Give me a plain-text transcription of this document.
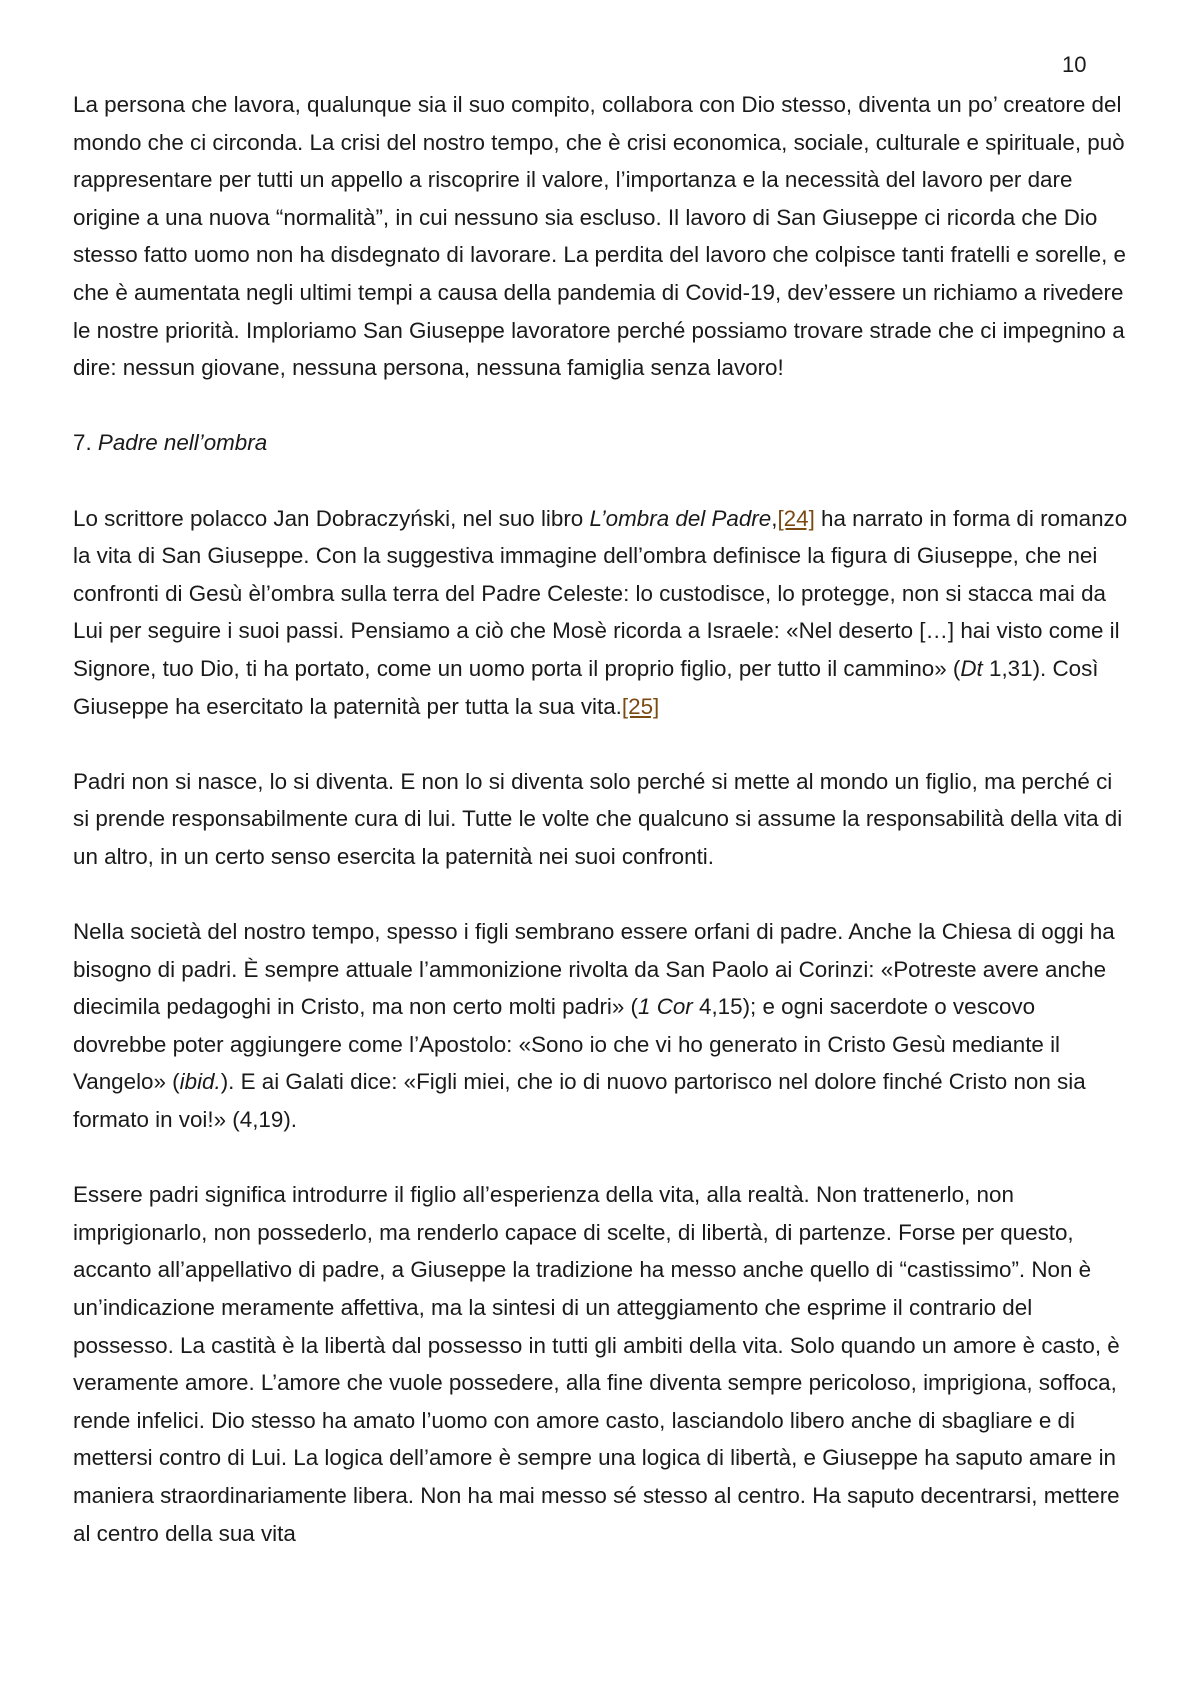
10

La persona che lavora, qualunque sia il suo compito, collabora con Dio stesso, diventa un po’ creatore del mondo che ci circonda. La crisi del nostro tempo, che è crisi economica, sociale, culturale e spirituale, può rappresentare per tutti un appello a riscoprire il valore, l’importanza e la necessità del lavoro per dare origine a una nuova “normalità”, in cui nessuno sia escluso. Il lavoro di San Giuseppe ci ricorda che Dio stesso fatto uomo non ha disdegnato di lavorare. La perdita del lavoro che colpisce tanti fratelli e sorelle, e che è aumentata negli ultimi tempi a causa della pandemia di Covid-19, dev’essere un richiamo a rivedere le nostre priorità. Imploriamo San Giuseppe lavoratore perché possiamo trovare strade che ci impegnino a dire: nessun giovane, nessuna persona, nessuna famiglia senza lavoro!

7. Padre nell’ombra

Lo scrittore polacco Jan Dobraczyński, nel suo libro L’ombra del Padre,[24] ha narrato in forma di romanzo la vita di San Giuseppe. Con la suggestiva immagine dell’ombra definisce la figura di Giuseppe, che nei confronti di Gesù èl’ombra sulla terra del Padre Celeste: lo custodisce, lo protegge, non si stacca mai da Lui per seguire i suoi passi. Pensiamo a ciò che Mosè ricorda a Israele: «Nel deserto […] hai visto come il Signore, tuo Dio, ti ha portato, come un uomo porta il proprio figlio, per tutto il cammino» (Dt 1,31). Così Giuseppe ha esercitato la paternità per tutta la sua vita.[25]

Padri non si nasce, lo si diventa. E non lo si diventa solo perché si mette al mondo un figlio, ma perché ci si prende responsabilmente cura di lui. Tutte le volte che qualcuno si assume la responsabilità della vita di un altro, in un certo senso esercita la paternità nei suoi confronti.

Nella società del nostro tempo, spesso i figli sembrano essere orfani di padre. Anche la Chiesa di oggi ha bisogno di padri. È sempre attuale l’ammonizione rivolta da San Paolo ai Corinzi: «Potreste avere anche diecimila pedagoghi in Cristo, ma non certo molti padri» (1 Cor 4,15); e ogni sacerdote o vescovo dovrebbe poter aggiungere come l’Apostolo: «Sono io che vi ho generato in Cristo Gesù mediante il Vangelo» (ibid.). E ai Galati dice: «Figli miei, che io di nuovo partorisco nel dolore finché Cristo non sia formato in voi!» (4,19).

Essere padri significa introdurre il figlio all’esperienza della vita, alla realtà. Non trattenerlo, non imprigionarlo, non possederlo, ma renderlo capace di scelte, di libertà, di partenze. Forse per questo, accanto all’appellativo di padre, a Giuseppe la tradizione ha messo anche quello di “castissimo”. Non è un’indicazione meramente affettiva, ma la sintesi di un atteggiamento che esprime il contrario del possesso. La castità è la libertà dal possesso in tutti gli ambiti della vita. Solo quando un amore è casto, è veramente amore. L’amore che vuole possedere, alla fine diventa sempre pericoloso, imprigiona, soffoca, rende infelici. Dio stesso ha amato l’uomo con amore casto, lasciandolo libero anche di sbagliare e di mettersi contro di Lui. La logica dell’amore è sempre una logica di libertà, e Giuseppe ha saputo amare in maniera straordinariamente libera. Non ha mai messo sé stesso al centro. Ha saputo decentrarsi, mettere al centro della sua vita
